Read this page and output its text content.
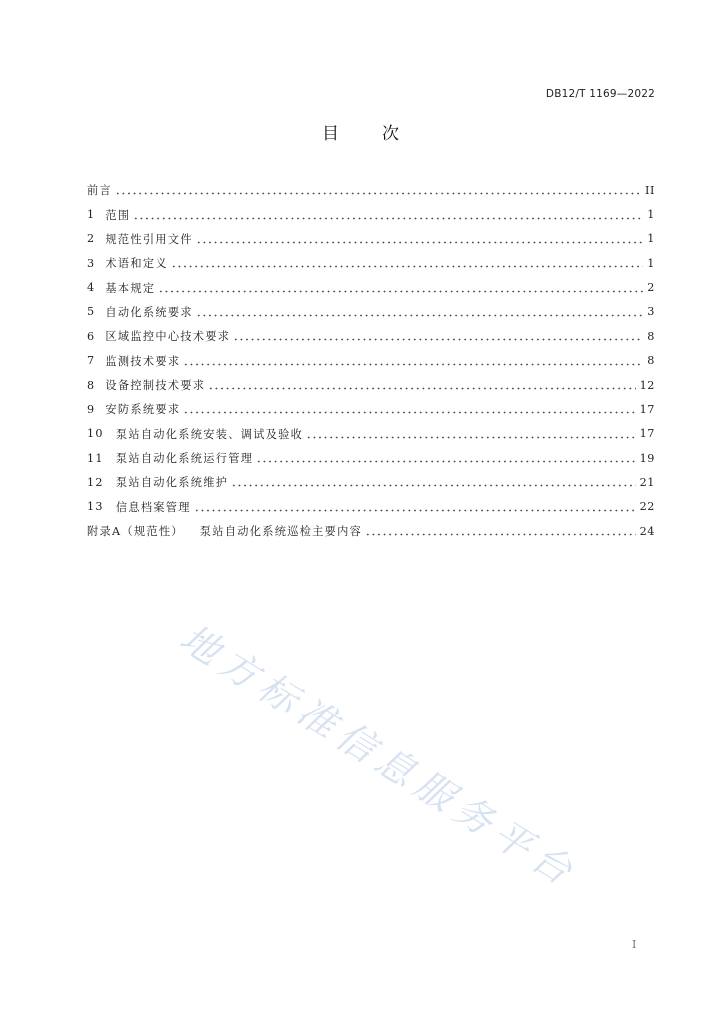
DB12/T 1169—2022
目　　次
前言	II
1 范围	1
2 规范性引用文件	1
3 术语和定义	1
4 基本规定	2
5 自动化系统要求	3
6 区域监控中心技术要求	8
7 监测技术要求	8
8 设备控制技术要求	12
9 安防系统要求	17
10 泵站自动化系统安装、调试及验收	17
11 泵站自动化系统运行管理	19
12 泵站自动化系统维护	21
13 信息档案管理	22
附录A（规范性） 泵站自动化系统巡检主要内容	24
地方标准信息服务平台
I
